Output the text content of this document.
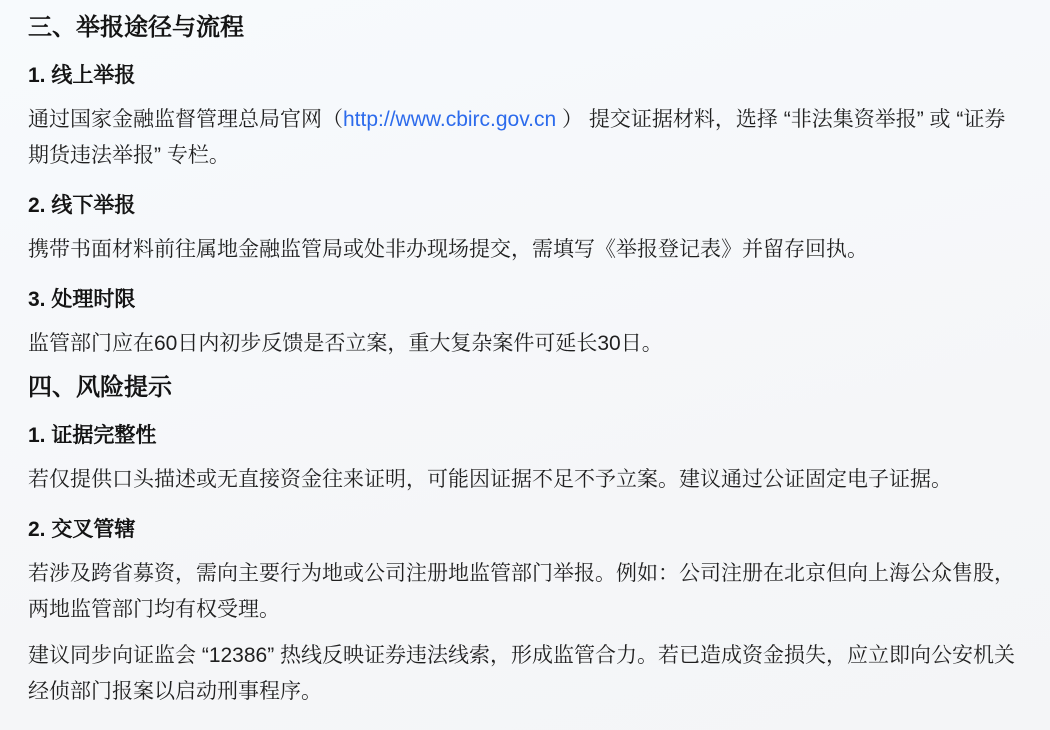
三、举报途径与流程
1. 线上举报

通过国家金融监督管理总局官网（http://www.cbirc.gov.cn ） 提交证据材料，选择 “非法集资举报” 或 “证券期货违法举报” 专栏。

2. 线下举报

携带书面材料前往属地金融监管局或处非办现场提交，需填写《举报登记表》并留存回执。

3. 处理时限

监管部门应在60日内初步反馈是否立案，重大复杂案件可延长30日。

四、风险提示
1. 证据完整性

若仅提供口头描述或无直接资金往来证明，可能因证据不足不予立案。建议通过公证固定电子证据。

2. 交叉管辖

若涉及跨省募资，需向主要行为地或公司注册地监管部门举报。例如：公司注册在北京但向上海公众售股，两地监管部门均有权受理。

建议同步向证监会 “12386” 热线反映证券违法线索，形成监管合力。若已造成资金损失，应立即向公安机关经侦部门报案以启动刑事程序。
